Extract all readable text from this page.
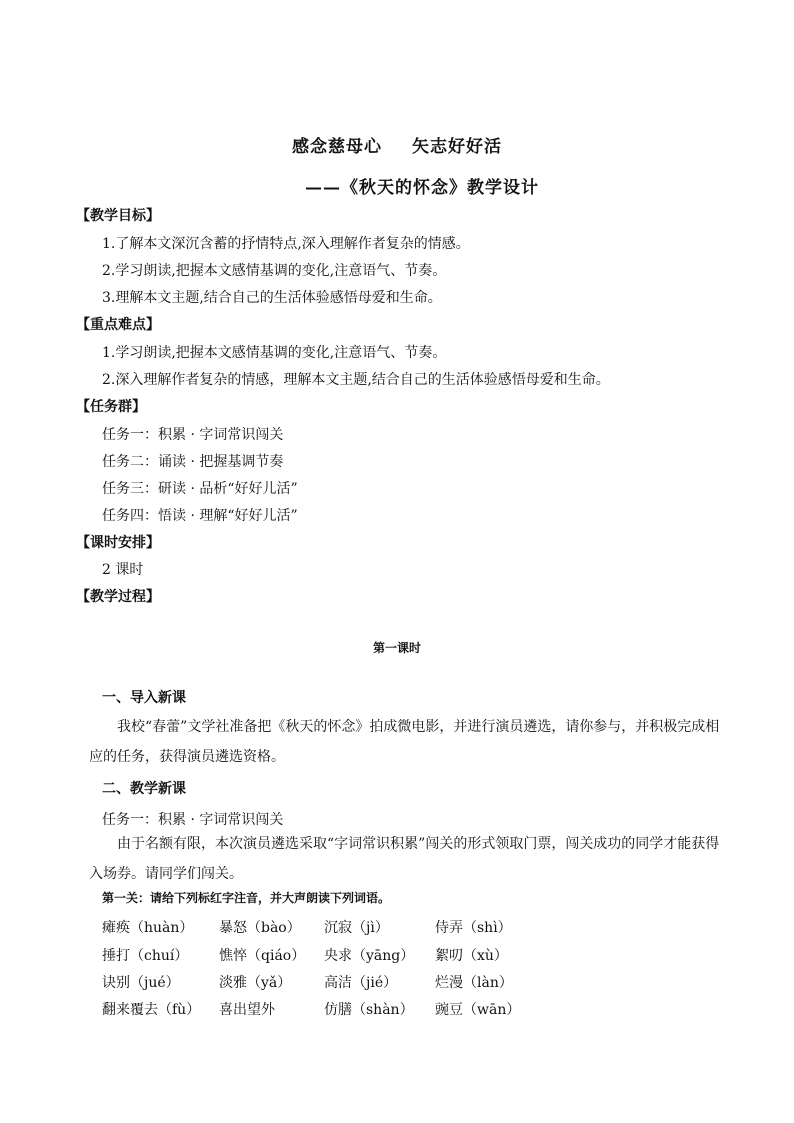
感念慈母心 矢志好好活
——《秋天的怀念》教学设计
【教学目标】
1.了解本文深沉含蓄的抒情特点,深入理解作者复杂的情感。
2.学习朗读,把握本文感情基调的变化,注意语气、节奏。
3.理解本文主题,结合自己的生活体验感悟母爱和生命。
【重点难点】
1.学习朗读,把握本文感情基调的变化,注意语气、节奏。
2.深入理解作者复杂的情感，理解本文主题,结合自己的生活体验感悟母爱和生命。
【任务群】
任务一：积累 · 字词常识闯关
任务二：诵读 · 把握基调节奏
任务三：研读 · 品析“好好儿活”
任务四：悟读 · 理解“好好儿活”
【课时安排】
2 课时
【教学过程】
第一课时
一、导入新课
我校“春蕾”文学社准备把《秋天的怀念》拍成微电影，并进行演员遴选，请你参与，并积极完成相应的任务，获得演员遴选资格。
二、教学新课
任务一：积累 · 字词常识闯关
由于名额有限，本次演员遴选采取“字词常识积累”闯关的形式领取门票，闯关成功的同学才能获得入场券。请同学们闯关。
第一关：请给下列标红字注音，并大声朗读下列词语。
瘫痪（huàn） 暴怒（bào） 沉寂（jì）	侍弄（shì）
捶打（chuí） 憔悴（qiáo） 央求（yāng） 絮叨（xù）
诀别（jué）	淡雅（yǎ） 高洁（jié）	烂漫（làn）
翻来覆去（fù） 喜出望外	仿膳（shàn） 豌豆（wān）
